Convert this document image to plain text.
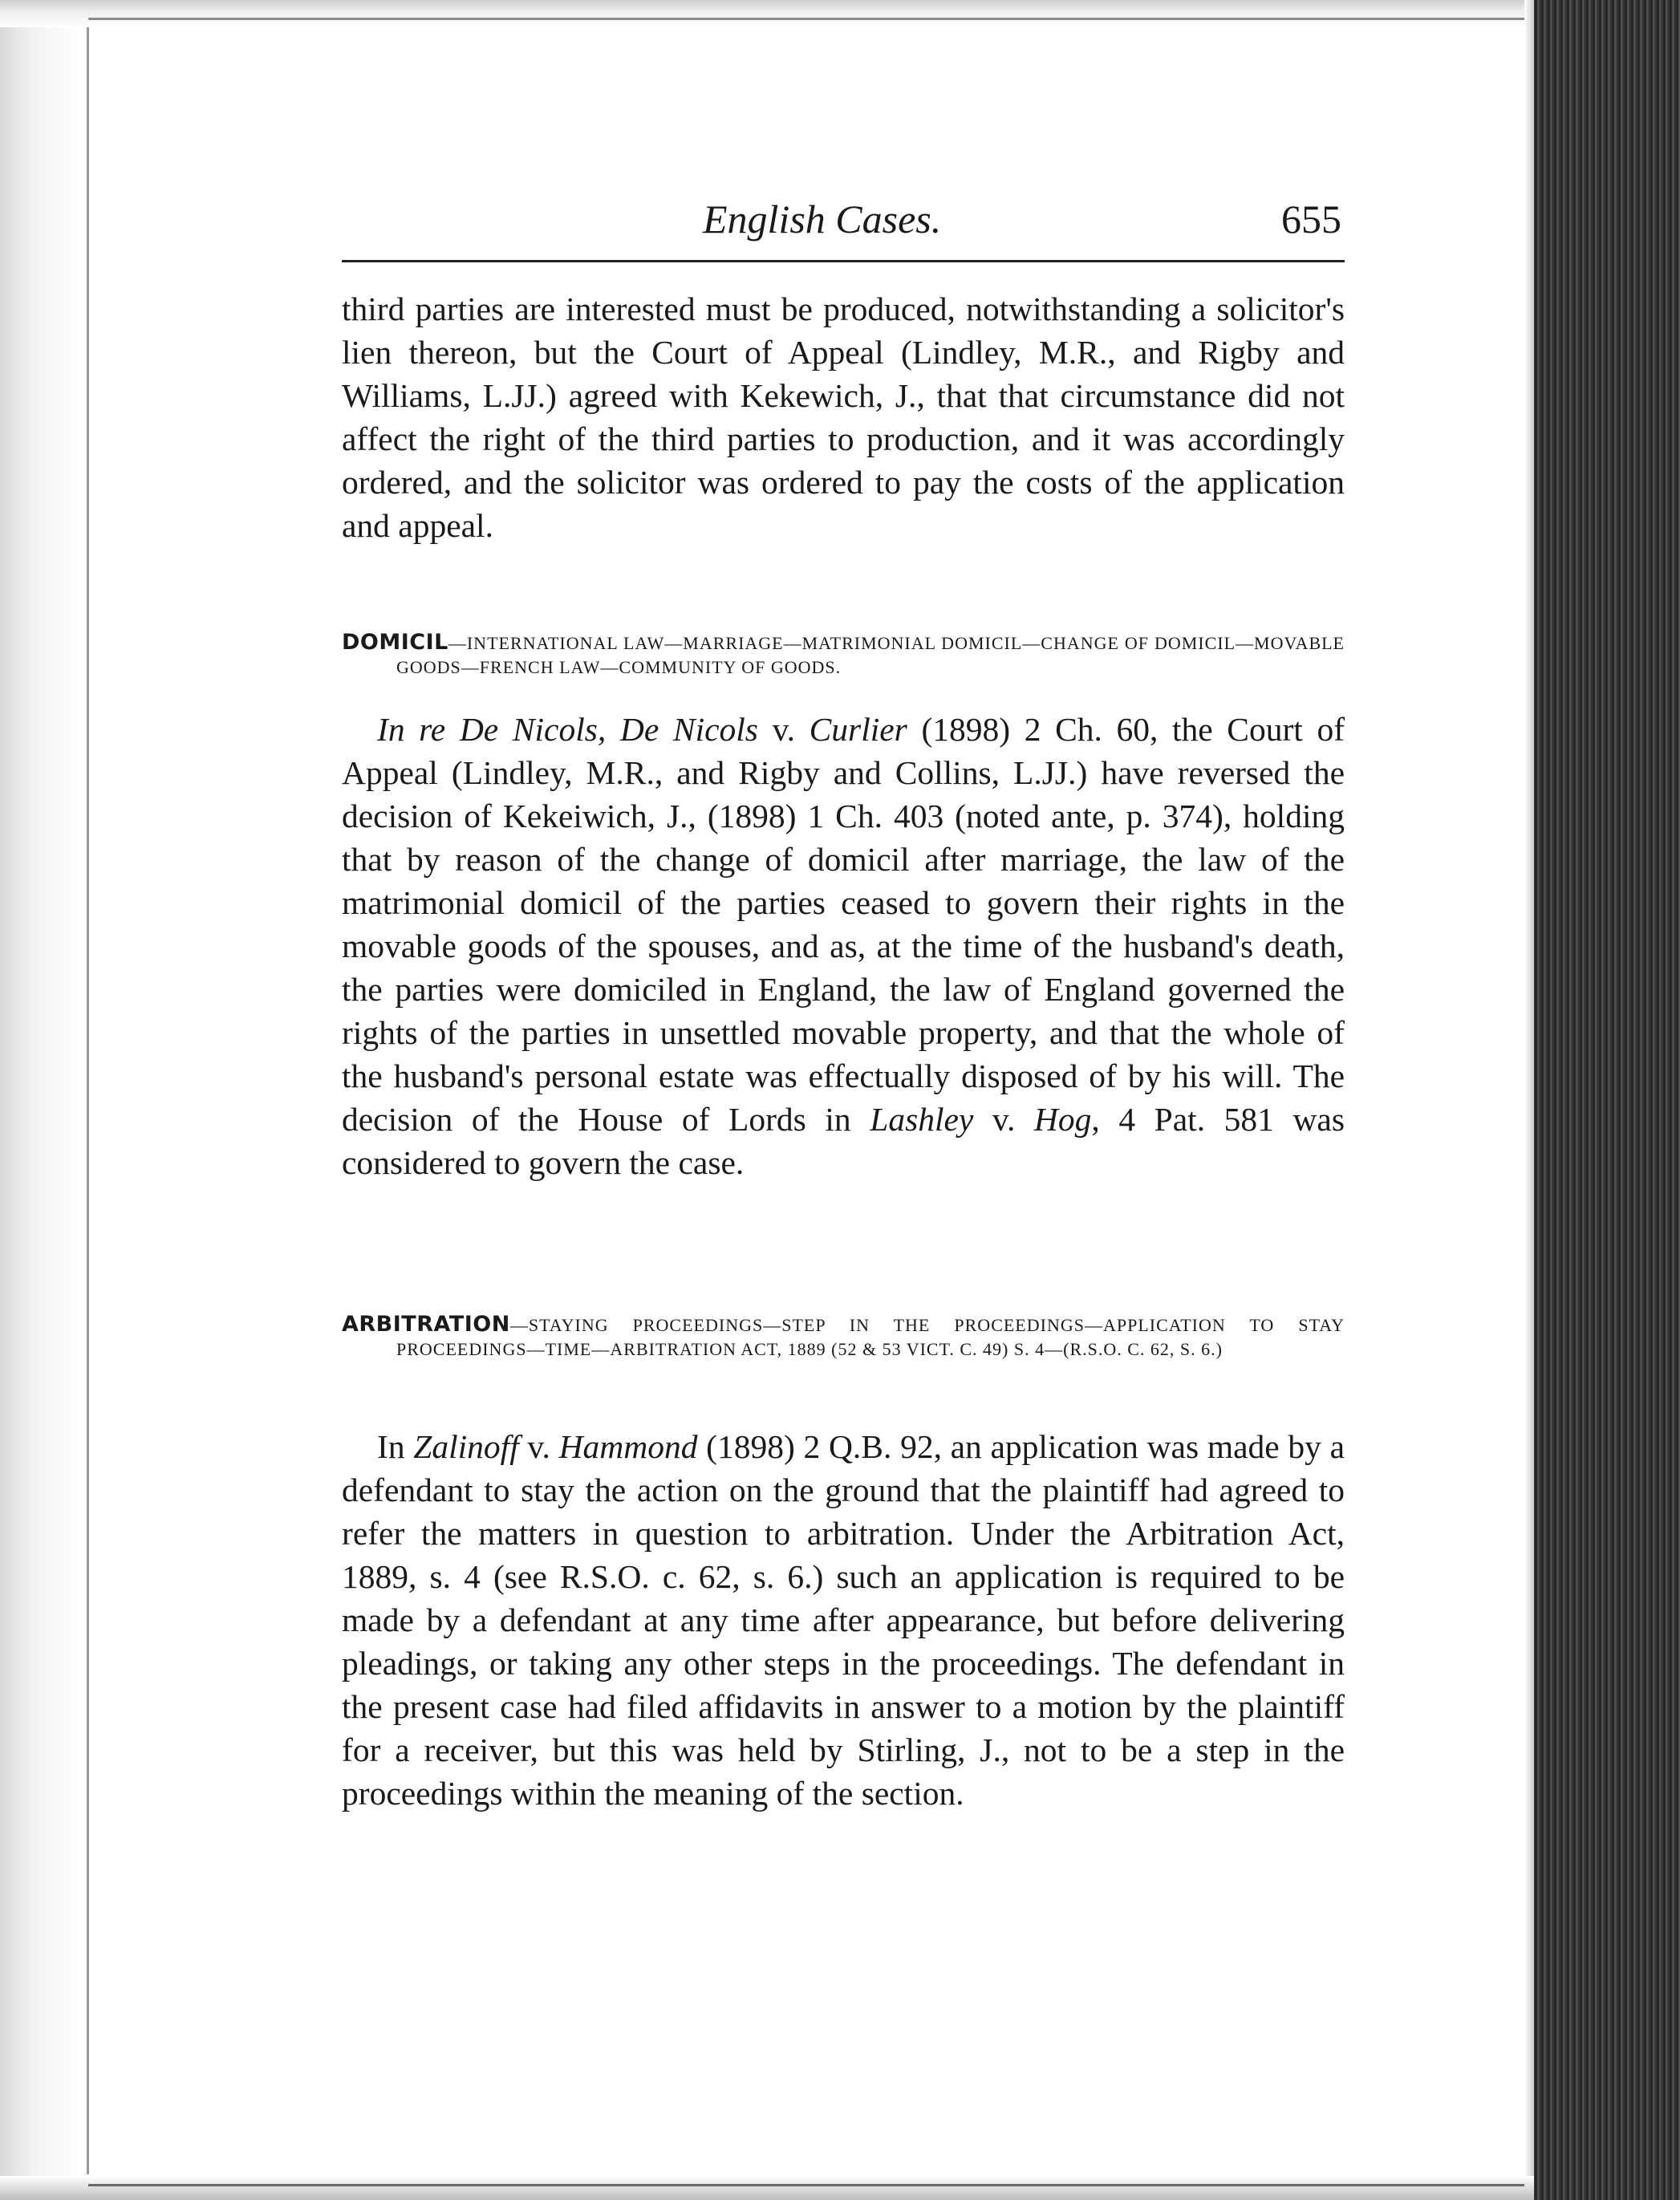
English Cases.	655

third parties are interested must be produced, notwithstanding a solicitor's lien thereon, but the Court of Appeal (Lindley, M.R., and Rigby and Williams, L.JJ.) agreed with Kekewich, J., that that circumstance did not affect the right of the third parties to production, and it was accordingly ordered, and the solicitor was ordered to pay the costs of the application and appeal.

DOMICIL—INTERNATIONAL LAW—MARRIAGE—MATRIMONIAL DOMICIL—CHANGE OF DOMICIL—MOVABLE GOODS—FRENCH LAW—COMMUNITY OF GOODS.

In re De Nicols, De Nicols v. Curlier (1898) 2 Ch. 60, the Court of Appeal (Lindley, M.R., and Rigby and Collins, L.JJ.) have reversed the decision of Kekeiwich, J., (1898) 1 Ch. 403 (noted ante, p. 374), holding that by reason of the change of domicil after marriage, the law of the matrimonial domicil of the parties ceased to govern their rights in the movable goods of the spouses, and as, at the time of the husband's death, the parties were domiciled in England, the law of England governed the rights of the parties in unsettled movable property, and that the whole of the husband's personal estate was effectually disposed of by his will. The decision of the House of Lords in Lashley v. Hog, 4 Pat. 581 was considered to govern the case.

ARBITRATION—STAYING PROCEEDINGS—STEP IN THE PROCEEDINGS—APPLICATION TO STAY PROCEEDINGS—TIME—ARBITRATION ACT, 1889 (52 & 53 VICT. C. 49) S. 4—(R.S.O. C. 62, S. 6.)

In Zalinoff v. Hammond (1898) 2 Q.B. 92, an application was made by a defendant to stay the action on the ground that the plaintiff had agreed to refer the matters in question to arbitration. Under the Arbitration Act, 1889, s. 4 (see R.S.O. c. 62, s. 6.) such an application is required to be made by a defendant at any time after appearance, but before delivering pleadings, or taking any other steps in the proceedings. The defendant in the present case had filed affidavits in answer to a motion by the plaintiff for a receiver, but this was held by Stirling, J., not to be a step in the proceedings within the meaning of the section.
